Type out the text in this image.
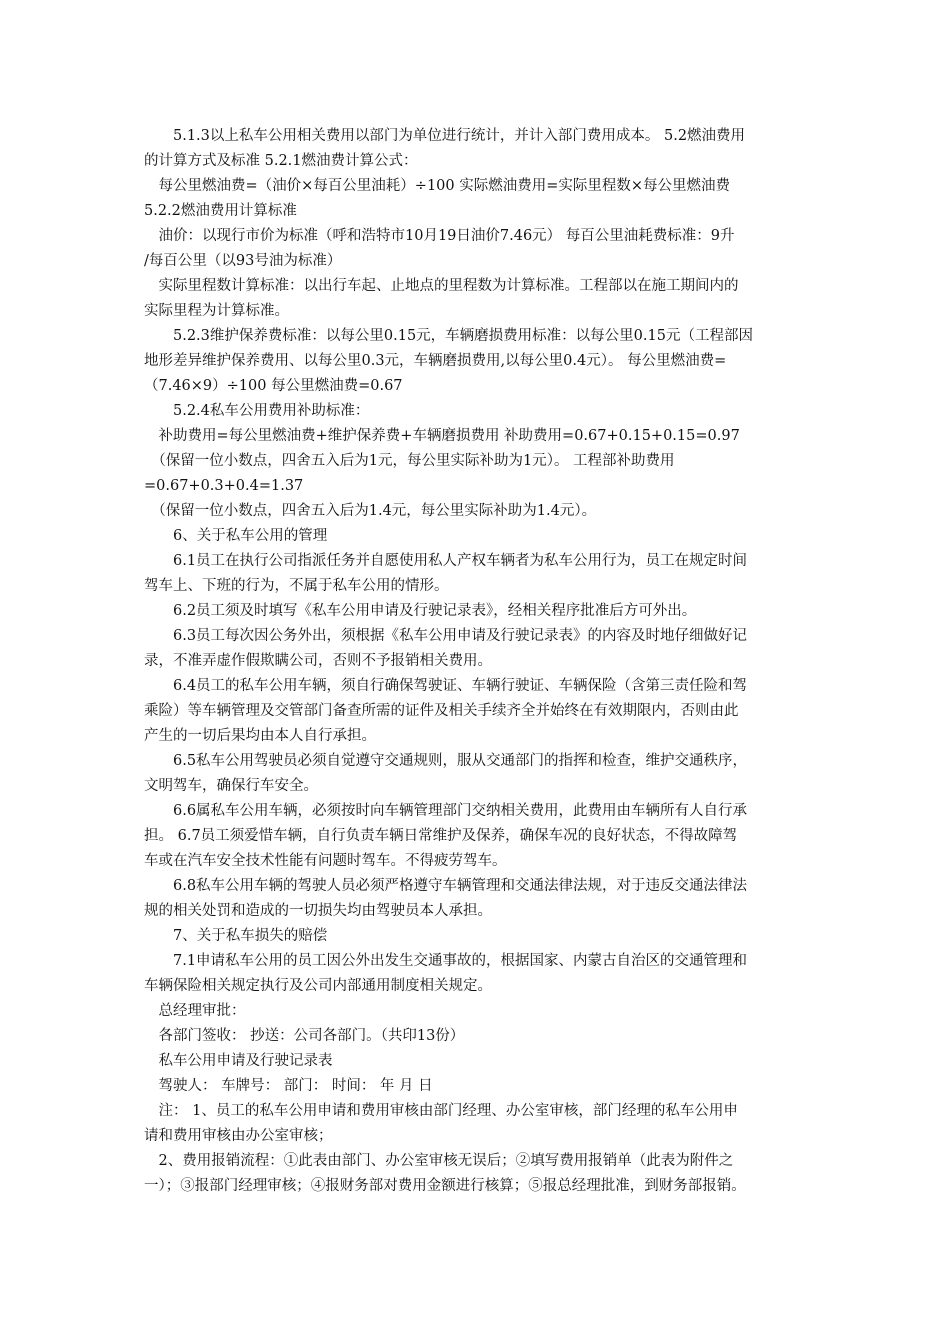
　　5.1.3以上私车公用相关费用以部门为单位进行统计，并计入部门费用成本。 5.2燃油费用
的计算方式及标准 5.2.1燃油费计算公式：
　每公里燃油费=（油价×每百公里油耗）÷100 实际燃油费用=实际里程数×每公里燃油费
5.2.2燃油费用计算标准
　油价：以现行市价为标准（呼和浩特市10月19日油价7.46元） 每百公里油耗费标准：9升
/每百公里（以93号油为标准）
　实际里程数计算标准：以出行车起、止地点的里程数为计算标准。工程部以在施工期间内的
实际里程为计算标准。
　　5.2.3维护保养费标准：以每公里0.15元，车辆磨损费用标准：以每公里0.15元（工程部因
地形差异维护保养费用、以每公里0.3元，车辆磨损费用,以每公里0.4元）。 每公里燃油费=
（7.46×9）÷100 每公里燃油费=0.67
　　5.2.4私车公用费用补助标准：
　补助费用=每公里燃油费+维护保养费+车辆磨损费用 补助费用=0.67+0.15+0.15=0.97
　（保留一位小数点，四舍五入后为1元，每公里实际补助为1元）。 工程部补助费用
=0.67+0.3+0.4=1.37
　（保留一位小数点，四舍五入后为1.4元，每公里实际补助为1.4元）。
　　6、关于私车公用的管理
　　6.1员工在执行公司指派任务并自愿使用私人产权车辆者为私车公用行为，员工在规定时间
驾车上、下班的行为，不属于私车公用的情形。
　　6.2员工须及时填写《私车公用申请及行驶记录表》，经相关程序批准后方可外出。
　　6.3员工每次因公务外出，须根据《私车公用申请及行驶记录表》的内容及时地仔细做好记
录，不准弄虚作假欺瞒公司，否则不予报销相关费用。
　　6.4员工的私车公用车辆，须自行确保驾驶证、车辆行驶证、车辆保险（含第三责任险和驾
乘险）等车辆管理及交管部门备查所需的证件及相关手续齐全并始终在有效期限内，否则由此
产生的一切后果均由本人自行承担。
　　6.5私车公用驾驶员必须自觉遵守交通规则，服从交通部门的指挥和检查，维护交通秩序，
文明驾车，确保行车安全。
　　6.6属私车公用车辆，必须按时向车辆管理部门交纳相关费用，此费用由车辆所有人自行承
担。 6.7员工须爱惜车辆，自行负责车辆日常维护及保养，确保车况的良好状态，不得故障驾
车或在汽车安全技术性能有问题时驾车。不得疲劳驾车。
　　6.8私车公用车辆的驾驶人员必须严格遵守车辆管理和交通法律法规，对于违反交通法律法
规的相关处罚和造成的一切损失均由驾驶员本人承担。
　　7、关于私车损失的赔偿
　　7.1申请私车公用的员工因公外出发生交通事故的，根据国家、内蒙古自治区的交通管理和
车辆保险相关规定执行及公司内部通用制度相关规定。
　总经理审批：
　各部门签收： 抄送：公司各部门。（共印13份）
　私车公用申请及行驶记录表
　驾驶人： 车牌号： 部门： 时间： 年 月 日
　注： 1、员工的私车公用申请和费用审核由部门经理、办公室审核，部门经理的私车公用申
请和费用审核由办公室审核；
　2、费用报销流程：①此表由部门、办公室审核无误后；②填写费用报销单（此表为附件之
一）；③报部门经理审核；④报财务部对费用金额进行核算；⑤报总经理批准，到财务部报销。
